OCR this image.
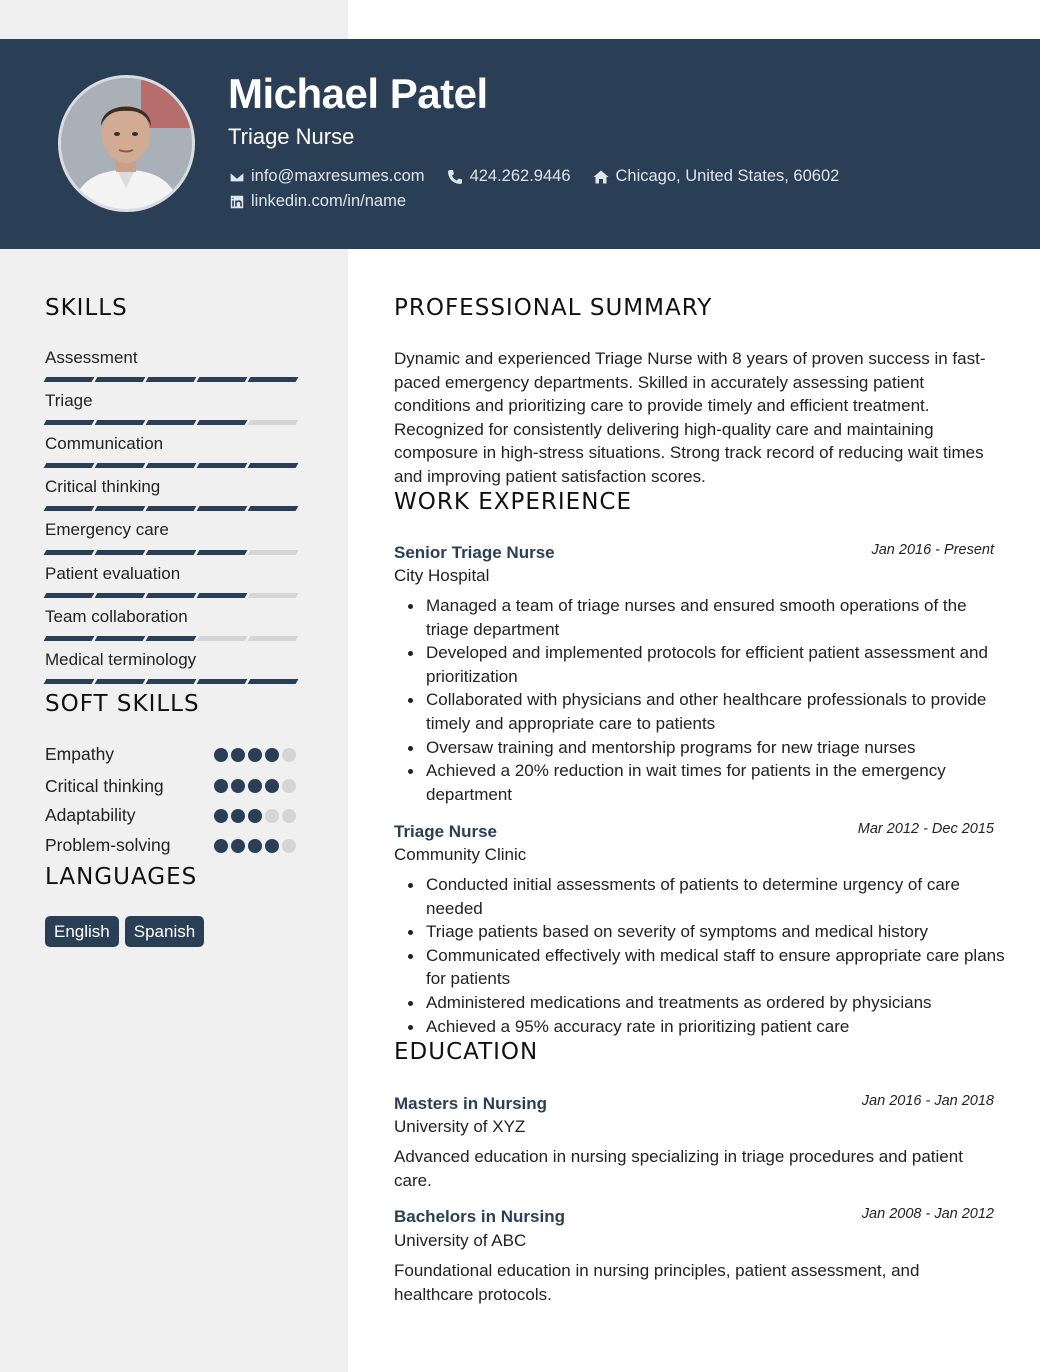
Michael Patel
Triage Nurse
info@maxresumes.com	424.262.9446	Chicago, United States, 60602
linkedin.com/in/name
SKILLS
Assessment
Triage
Communication
Critical thinking
Emergency care
Patient evaluation
Team collaboration
Medical terminology
SOFT SKILLS
Empathy
Critical thinking
Adaptability
Problem-solving
LANGUAGES
English	Spanish
PROFESSIONAL SUMMARY

Dynamic and experienced Triage Nurse with 8 years of proven success in fast-paced emergency departments. Skilled in accurately assessing patient conditions and prioritizing care to provide timely and efficient treatment. Recognized for consistently delivering high-quality care and maintaining composure in high-stress situations. Strong track record of reducing wait times and improving patient satisfaction scores.

WORK EXPERIENCE
Senior Triage Nurse	Jan 2016 - Present
City Hospital
Managed a team of triage nurses and ensured smooth operations of the triage department
Developed and implemented protocols for efficient patient assessment and prioritization
Collaborated with physicians and other healthcare professionals to provide timely and appropriate care to patients
Oversaw training and mentorship programs for new triage nurses
Achieved a 20% reduction in wait times for patients in the emergency department
Triage Nurse	Mar 2012 - Dec 2015
Community Clinic
Conducted initial assessments of patients to determine urgency of care needed
Triage patients based on severity of symptoms and medical history
Communicated effectively with medical staff to ensure appropriate care plans for patients
Administered medications and treatments as ordered by physicians
Achieved a 95% accuracy rate in prioritizing patient care
EDUCATION
Masters in Nursing	Jan 2016 - Jan 2018
University of XYZ

Advanced education in nursing specializing in triage procedures and patient care.

Bachelors in Nursing	Jan 2008 - Jan 2012
University of ABC

Foundational education in nursing principles, patient assessment, and healthcare protocols.
